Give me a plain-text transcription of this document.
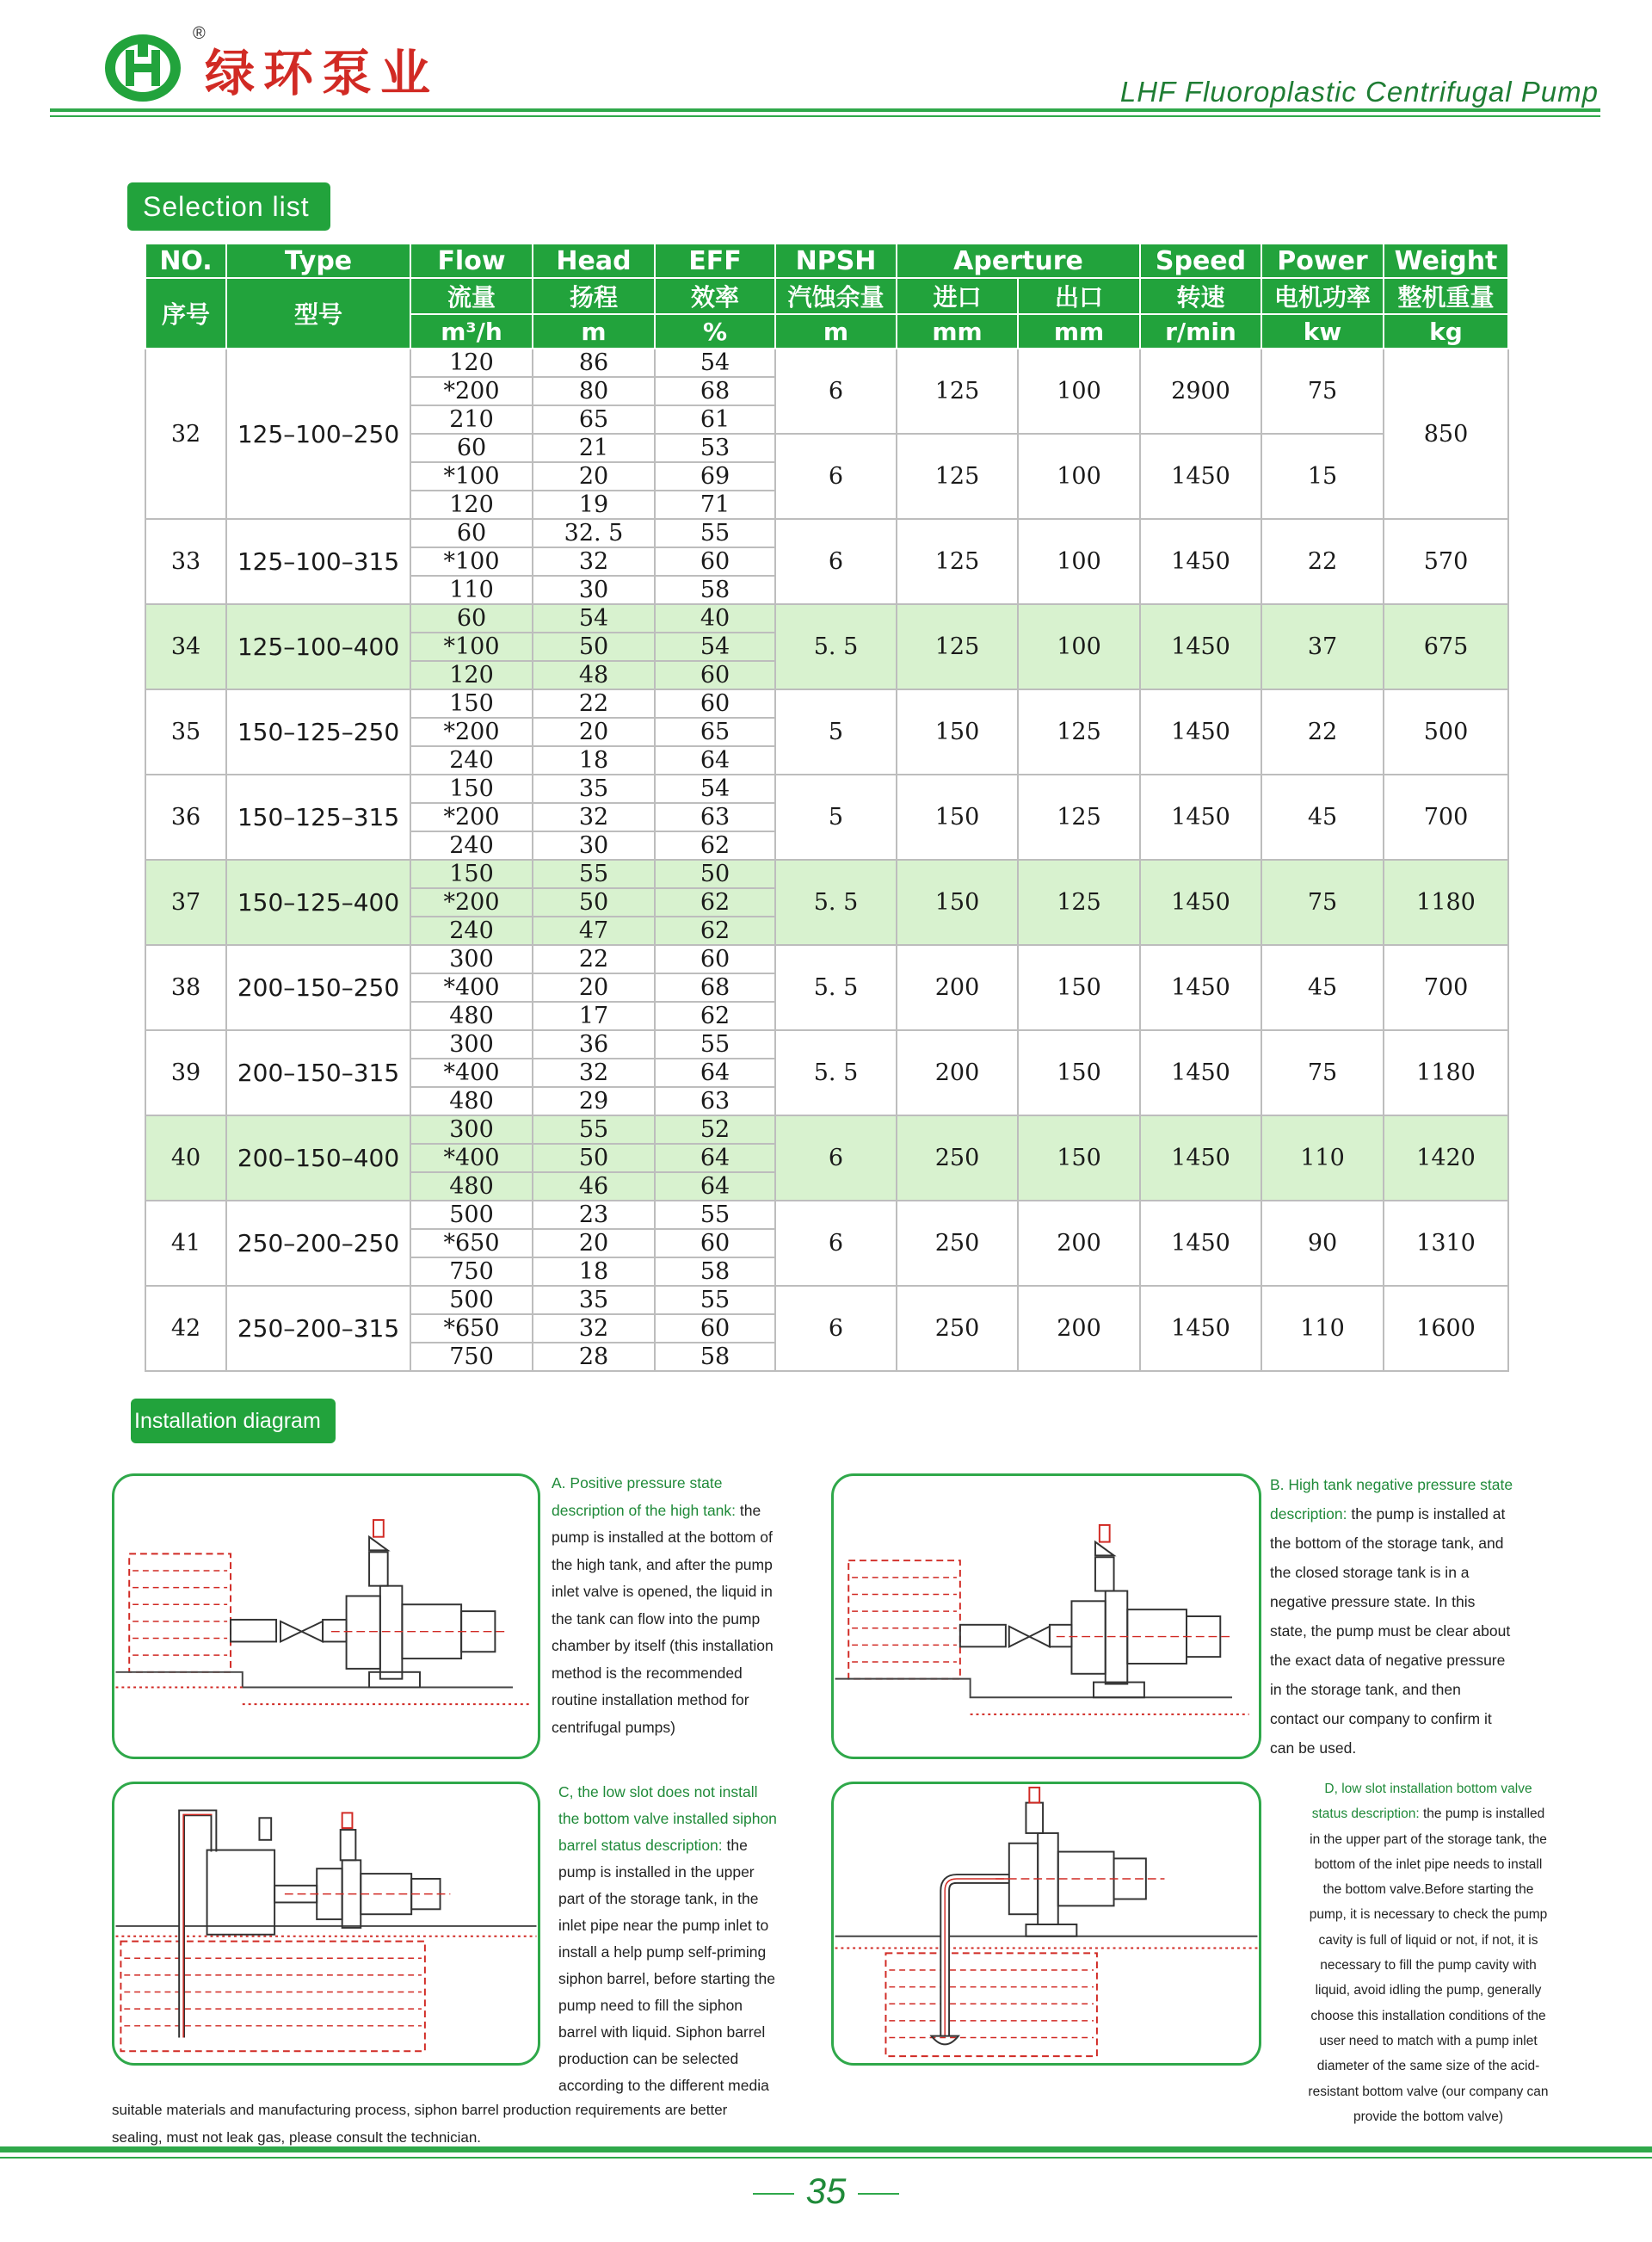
®
绿环泵业	LHF Fluoroplastic Centrifugal Pump
Selection list
NO.	Type	Flow	Head	EFF	NPSH	Aperture		Speed	Power	Weight
序号	型号	流量	扬程	效率	汽蚀余量	进口	出口	转速	电机功率	整机重量
		m³/h	m	%	m	mm	mm	r/min	kw	kg
32	125–100–250	120	86	54	6	125	100	2900	75	850
		*200	80	68						
		210	65	61						
		60	21	53	6	125	100	1450	15	
		*100	20	69						
		120	19	71						
33	125–100–315	60	32. 5	55	6	125	100	1450	22	570
		*100	32	60						
		110	30	58						
34	125–100–400	60	54	40	5. 5	125	100	1450	37	675
		*100	50	54						
		120	48	60						
35	150–125–250	150	22	60	5	150	125	1450	22	500
		*200	20	65						
		240	18	64						
36	150–125–315	150	35	54	5	150	125	1450	45	700
		*200	32	63						
		240	30	62						
37	150–125–400	150	55	50	5. 5	150	125	1450	75	1180
		*200	50	62						
		240	47	62						
38	200–150–250	300	22	60	5. 5	200	150	1450	45	700
		*400	20	68						
		480	17	62						
39	200–150–315	300	36	55	5. 5	200	150	1450	75	1180
		*400	32	64						
		480	29	63						
40	200–150–400	300	55	52	6	250	150	1450	110	1420
		*400	50	64						
		480	46	64						
41	250–200–250	500	23	55	6	250	200	1450	90	1310
		*650	20	60						
		750	18	58						
42	250–200–315	500	35	55	6	250	200	1450	110	1600
		*650	32	60						
		750	28	58						
Installation diagram
A. Positive pressure state
description of the high tank: the
pump is installed at the bottom of
the high tank, and after the pump
inlet valve is opened, the liquid in
the tank can flow into the pump
chamber by itself (this installation
method is the recommended
routine installation method for
centrifugal pumps)
B. High tank negative pressure state
description: the pump is installed at
the bottom of the storage tank, and
the closed storage tank is in a
negative pressure state. In this
state, the pump must be clear about
the exact data of negative pressure
in the storage tank, and then
contact our company to confirm it
can be used.
C, the low slot does not install
the bottom valve installed siphon
barrel status description: the
pump is installed in the upper
part of the storage tank, in the
inlet pipe near the pump inlet to
install a help pump self-priming
siphon barrel, before starting the
pump need to fill the siphon
barrel with liquid. Siphon barrel
production can be selected
according to the different media
suitable materials and manufacturing process, siphon barrel production requirements are better
sealing, must not leak gas, please consult the technician.
D, low slot installation bottom valve
status description: the pump is installed
in the upper part of the storage tank, the
bottom of the inlet pipe needs to install
the bottom valve.Before starting the
pump, it is necessary to check the pump
cavity is full of liquid or not, if not, it is
necessary to fill the pump cavity with
liquid, avoid idling the pump, generally
choose this installation conditions of the
user need to match with a pump inlet
diameter of the same size of the acid-
resistant bottom valve (our company can
provide the bottom valve)
35
